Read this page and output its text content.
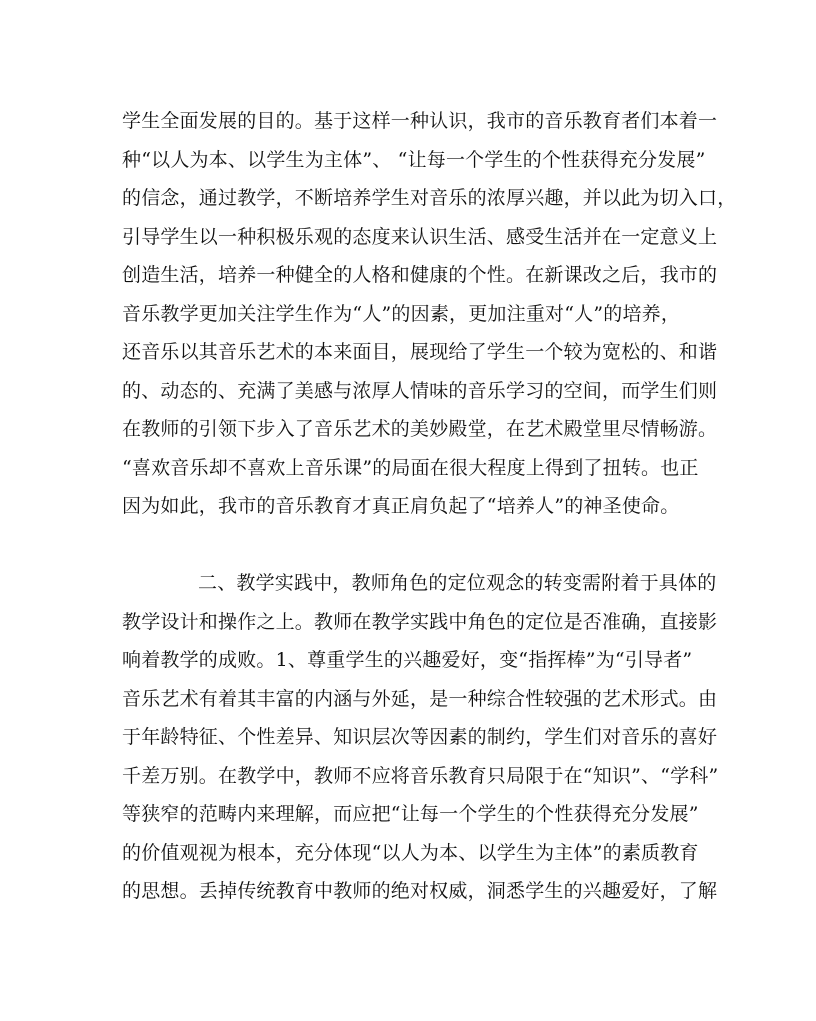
学生全面发展的目的。基于这样一种认识，我市的音乐教育者们本着一
种“以人为本、以学生为主体”、 “让每一个学生的个性获得充分发展”
的信念，通过教学，不断培养学生对音乐的浓厚兴趣，并以此为切入口，
引导学生以一种积极乐观的态度来认识生活、感受生活并在一定意义上
创造生活，培养一种健全的人格和健康的个性。在新课改之后，我市的
音乐教学更加关注学生作为“人”的因素，更加注重对“人”的培养，
还音乐以其音乐艺术的本来面目，展现给了学生一个较为宽松的、和谐
的、动态的、充满了美感与浓厚人情味的音乐学习的空间，而学生们则
在教师的引领下步入了音乐艺术的美妙殿堂，在艺术殿堂里尽情畅游。
“喜欢音乐却不喜欢上音乐课”的局面在很大程度上得到了扭转。也正
因为如此，我市的音乐教育才真正肩负起了“培养人”的神圣使命。
二、教学实践中，教师角色的定位观念的转变需附着于具体的
教学设计和操作之上。教师在教学实践中角色的定位是否准确，直接影
响着教学的成败。1、尊重学生的兴趣爱好，变“指挥棒”为“引导者”
音乐艺术有着其丰富的内涵与外延，是一种综合性较强的艺术形式。由
于年龄特征、个性差异、知识层次等因素的制约，学生们对音乐的喜好
千差万别。在教学中，教师不应将音乐教育只局限于在“知识”、“学科”
等狭窄的范畴内来理解，而应把“让每一个学生的个性获得充分发展”
的价值观视为根本，充分体现“以人为本、以学生为主体”的素质教育
的思想。丢掉传统教育中教师的绝对权威，洞悉学生的兴趣爱好，了解
